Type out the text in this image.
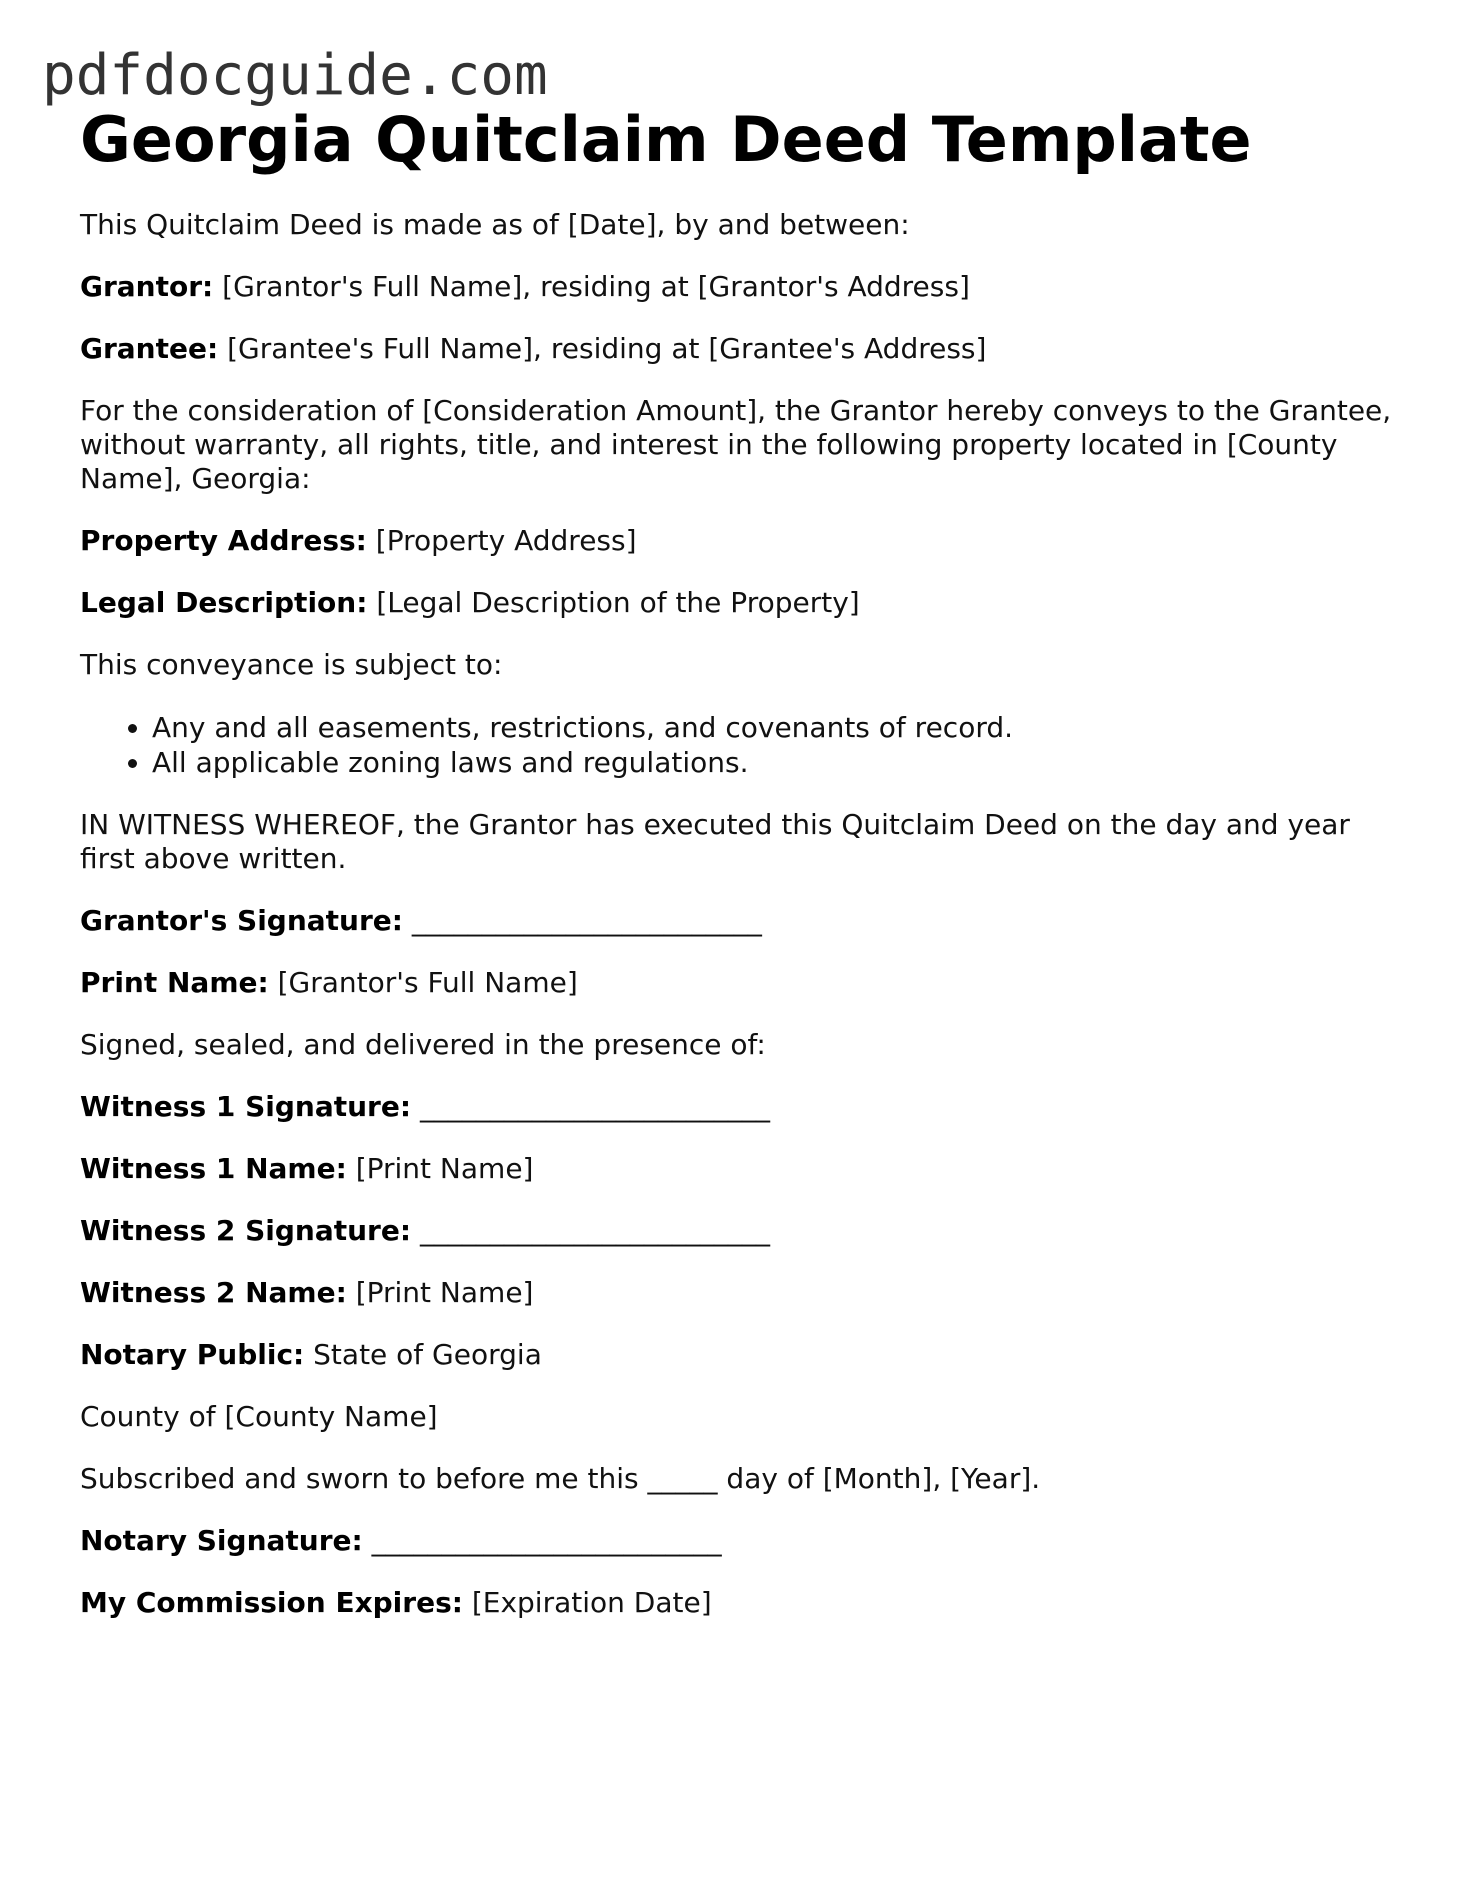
pdfdocguide.com
Georgia Quitclaim Deed Template

This Quitclaim Deed is made as of [Date], by and between:

Grantor: [Grantor's Full Name], residing at [Grantor's Address]

Grantee: [Grantee's Full Name], residing at [Grantee's Address]

For the consideration of [Consideration Amount], the Grantor hereby conveys to the Grantee, without warranty, all rights, title, and interest in the following property located in [County Name], Georgia:

Property Address: [Property Address]

Legal Description: [Legal Description of the Property]

This conveyance is subject to:

• Any and all easements, restrictions, and covenants of record.
• All applicable zoning laws and regulations.

IN WITNESS WHEREOF, the Grantor has executed this Quitclaim Deed on the day and year first above written.

Grantor's Signature: _________________________

Print Name: [Grantor's Full Name]

Signed, sealed, and delivered in the presence of:

Witness 1 Signature: _________________________

Witness 1 Name: [Print Name]

Witness 2 Signature: _________________________

Witness 2 Name: [Print Name]

Notary Public: State of Georgia

County of [County Name]

Subscribed and sworn to before me this _____ day of [Month], [Year].

Notary Signature: _________________________

My Commission Expires: [Expiration Date]
